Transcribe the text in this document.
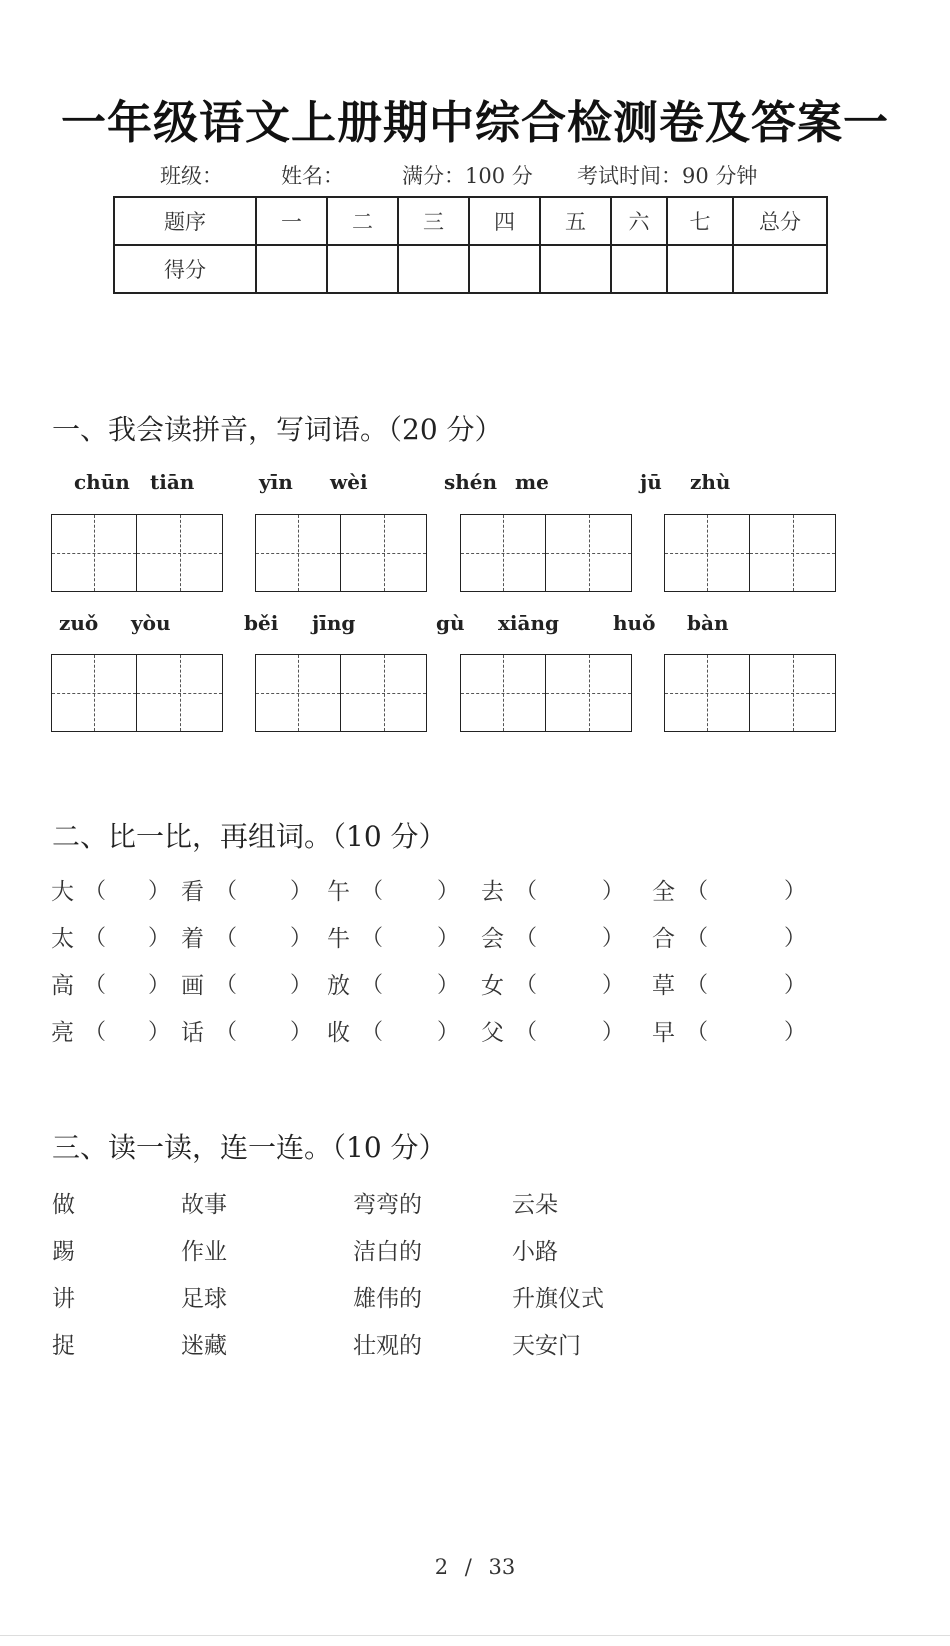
一年级语文上册期中综合检测卷及答案一
班级：	姓名：	满分：100 分 考试时间：90 分钟
题序	一	二	三	四	五	六	七	总分
得分								
一、我会读拼音，写词语。（20 分）
chūn tiān	yīn wèi	shén me	jū zhù
zuǒ yòu	běi jīng	gù xiāng	huǒ bàn
二、比一比，再组词。（10 分）
大 （ ） 看 （ ） 午 （ ） 去 （	） 全 （	）
太 （ ） 着 （ ） 牛 （ ） 会 （	） 合 （	）
高 （ ） 画 （ ） 放 （ ） 女 （	） 草 （	）
亮 （ ） 话 （ ） 收 （ ） 父 （	） 早 （	）
三、读一读，连一连。（10 分）
做	故事	弯弯的	云朵
踢	作业	洁白的	小路
讲	足球	雄伟的	升旗仪式
捉	迷藏	壮观的	天安门
2 / 33
